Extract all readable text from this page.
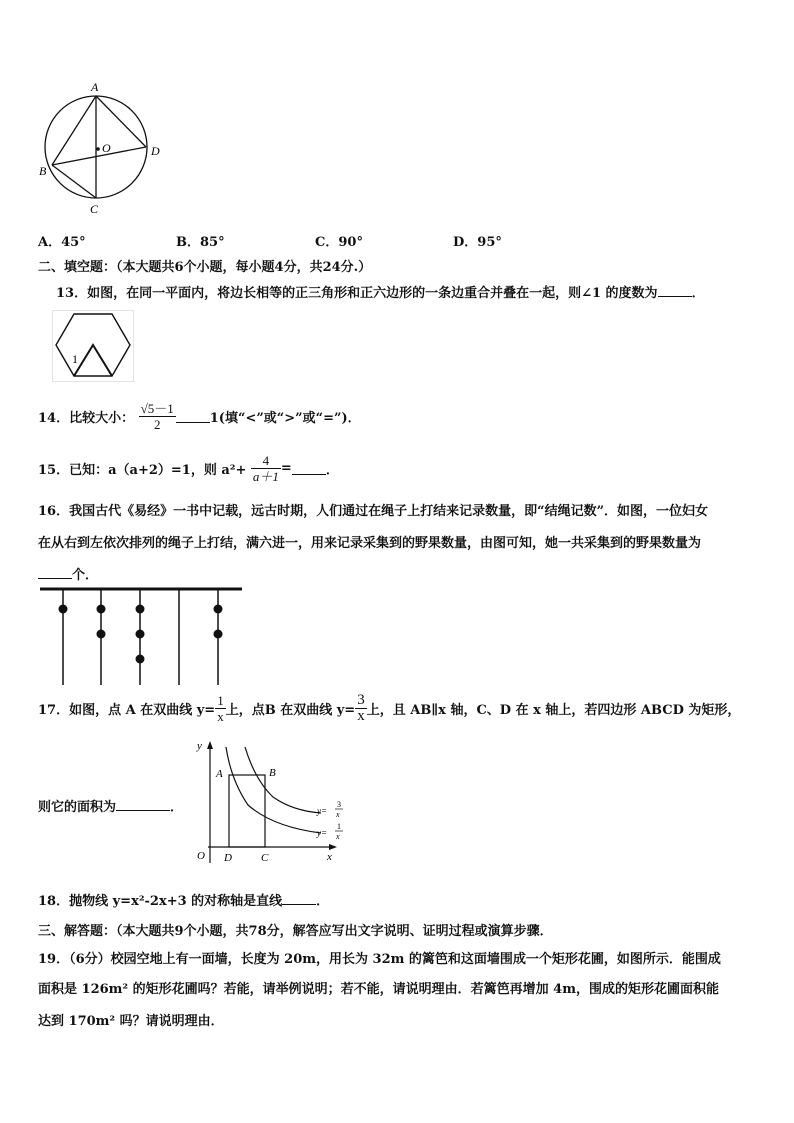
A
B
C
D
O
A．45°	B．85°	C．90°	D．95°
二、填空题：（本大题共6个小题，每小题4分，共24分.）
13．如图，在同一平面内，将边长相等的正三角形和正六边形的一条边重合并叠在一起，则∠1 的度数为	．
1
14．比较大小： $\frac{√5-1}{2}$	1(填“<”或“>”或“=”)．
15．已知：a（a+2）=1，则 $a^2+ \frac{4}{a+1}$ =	．
16．我国古代《易经》一书中记载，远古时期，人们通过在绳子上打结来记录数量，即“结绳记数”．如图，一位妇女
在从右到左依次排列的绳子上打结，满六进一，用来记录采集到的野果数量，由图可知，她一共采集到的野果数量为
个．
17．如图，点 A 在双曲线 $y= \frac{1}{x}$ 上，点B 在双曲线 $y= \frac{3}{x}$ 上，且 AB∥x 轴，C、D 在 x 轴上，若四边形 ABCD 为矩形，
则它的面积为	．
y
x
O
A	B
C
D
y=
3
x
y=
1
x
18．抛物线 y=x²-2x+3 的对称轴是直线	．
三、解答题：（本大题共9个小题，共78分，解答应写出文字说明、证明过程或演算步骤．
19．（6分）校园空地上有一面墙，长度为 20m，用长为 32m 的篱笆和这面墙围成一个矩形花圃，如图所示．能围成
面积是 126m² 的矩形花圃吗？若能，请举例说明；若不能，请说明理由．若篱笆再增加 4m，围成的矩形花圃面积能
达到 170m² 吗？请说明理由．
